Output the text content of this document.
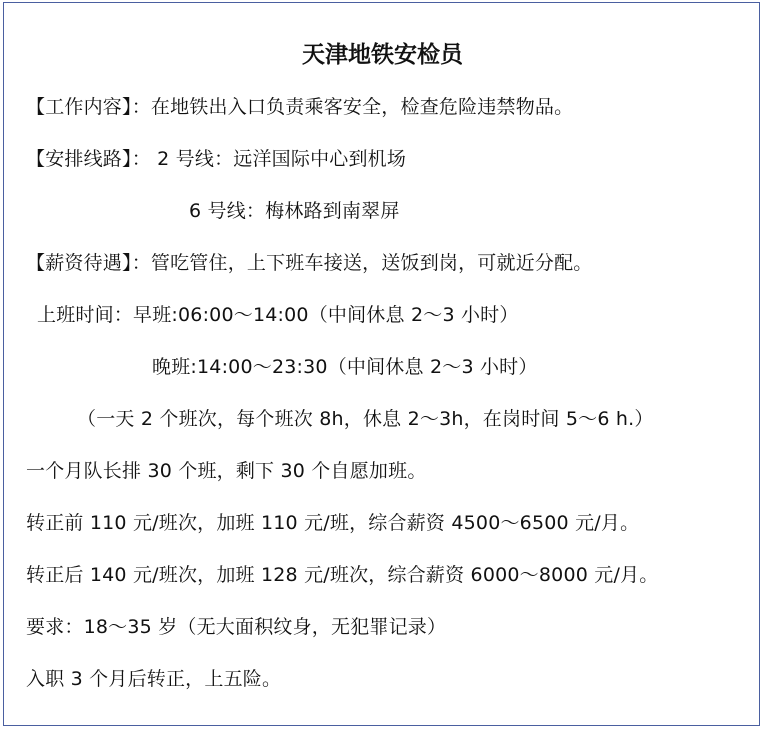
天津地铁安检员
【工作内容】：在地铁出入口负责乘客安全，检查危险违禁物品。
【安排线路】： 2 号线：远洋国际中心到机场
6 号线：梅林路到南翠屏
【薪资待遇】：管吃管住，上下班车接送，送饭到岗，可就近分配。
上班时间：早班:06:00～14:00（中间休息 2～3 小时）
晚班:14:00～23:30（中间休息 2～3 小时）
（一天 2 个班次，每个班次 8h，休息 2～3h，在岗时间 5～6 h.）
一个月队长排 30 个班，剩下 30 个自愿加班。
转正前 110 元/班次，加班 110 元/班，综合薪资 4500～6500 元/月。
转正后 140 元/班次，加班 128 元/班次，综合薪资 6000～8000 元/月。
要求：18～35 岁（无大面积纹身，无犯罪记录）
入职 3 个月后转正，上五险。
